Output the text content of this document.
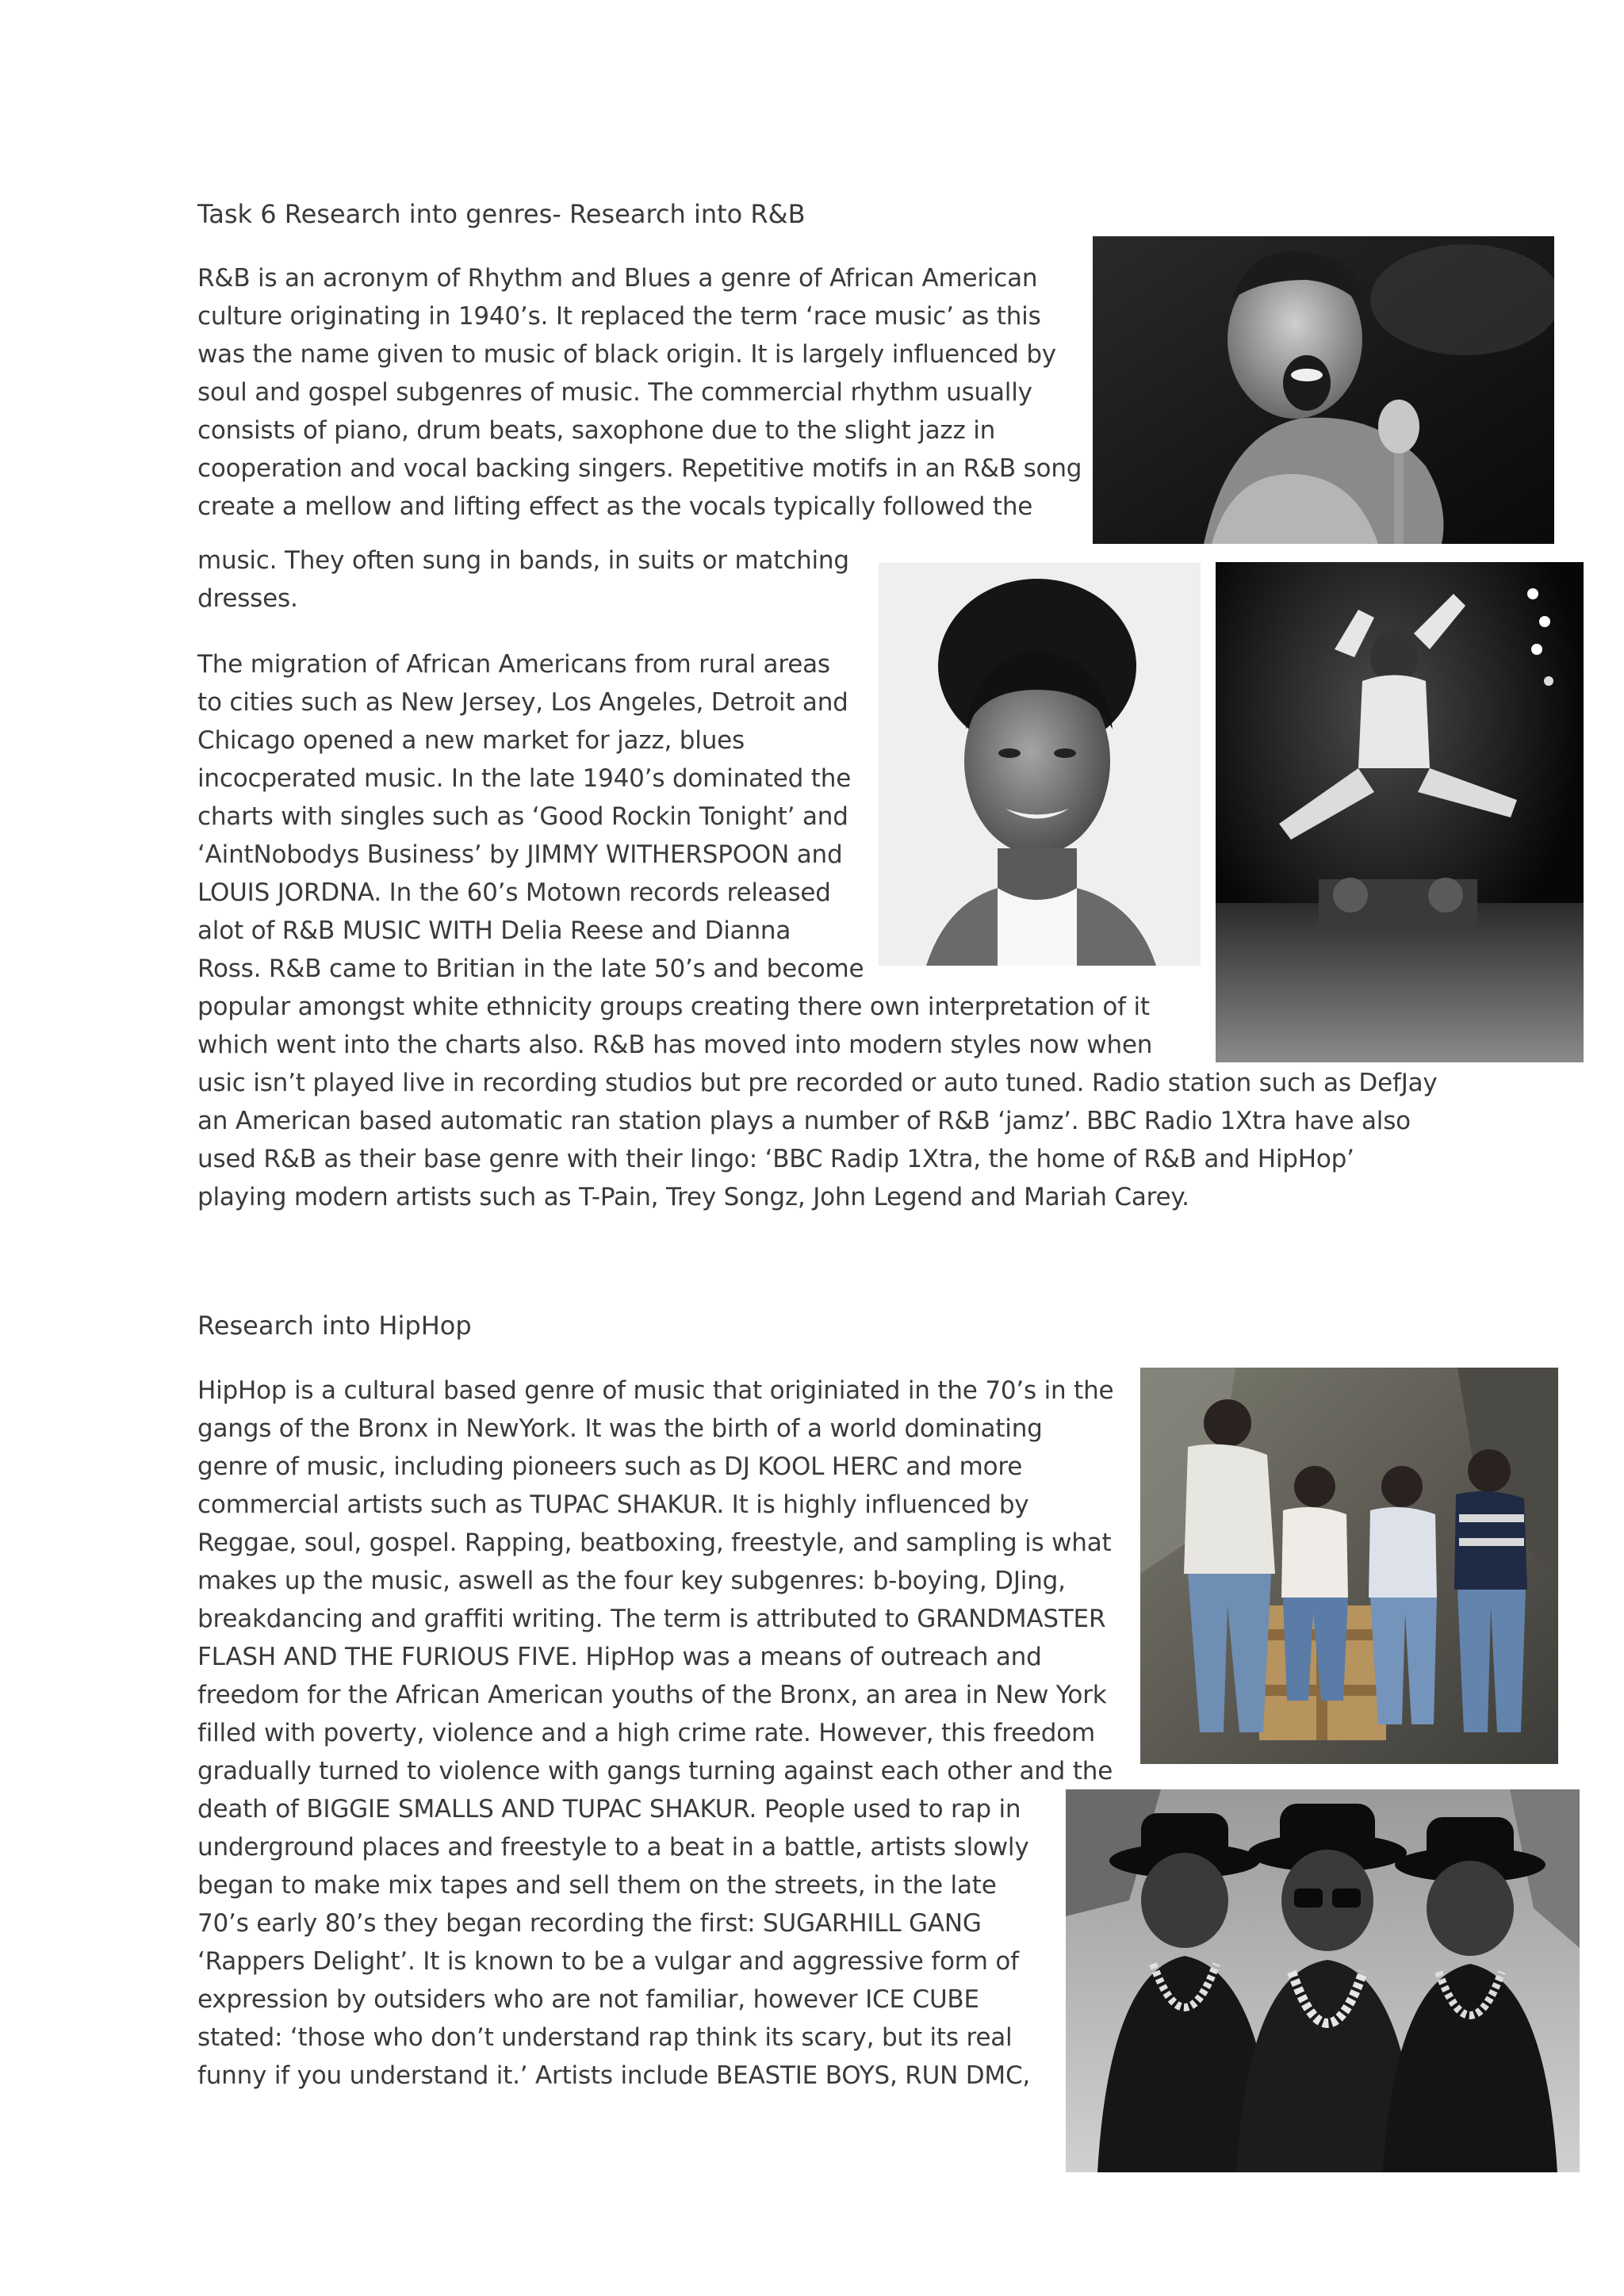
Task 6 Research into genres- Research into R&B
R&B is an acronym of Rhythm and Blues a genre of African American
culture originating in 1940’s. It replaced the term ‘race music’ as this
was the name given to music of black origin. It is largely influenced by
soul and gospel subgenres of music. The commercial rhythm usually
consists of piano, drum beats, saxophone due to the slight jazz in
cooperation and vocal backing singers. Repetitive motifs in an R&B song
create a mellow and lifting effect as the vocals typically followed the
music. They often sung in bands, in suits or matching
dresses.
The migration of African Americans from rural areas
to cities such as New Jersey, Los Angeles, Detroit and
Chicago opened a new market for jazz, blues
incocperated music. In the late 1940’s dominated the
charts with singles such as ‘Good Rockin Tonight’ and
‘AintNobodys Business’ by JIMMY WITHERSPOON and
LOUIS JORDNA. In the 60’s Motown records released
alot of R&B MUSIC WITH Delia Reese and Dianna
Ross. R&B came to Britian in the late 50’s and become
popular amongst white ethnicity groups creating there own interpretation of it
which went into the charts also. R&B has moved into modern styles now when
usic isn’t played live in recording studios but pre recorded or auto tuned. Radio station such as DefJay
an American based automatic ran station plays a number of R&B ‘jamz’. BBC Radio 1Xtra have also
used R&B as their base genre with their lingo: ‘BBC Radip 1Xtra, the home of R&B and HipHop’
playing modern artists such as T-Pain, Trey Songz, John Legend and Mariah Carey.
Research into HipHop
HipHop is a cultural based genre of music that originiated in the 70’s in the
gangs of the Bronx in NewYork. It was the birth of a world dominating
genre of music, including pioneers such as DJ KOOL HERC and more
commercial artists such as TUPAC SHAKUR. It is highly influenced by
Reggae, soul, gospel. Rapping, beatboxing, freestyle, and sampling is what
makes up the music, aswell as the four key subgenres: b-boying, DJing,
breakdancing and graffiti writing. The term is attributed to GRANDMASTER
FLASH AND THE FURIOUS FIVE. HipHop was a means of outreach and
freedom for the African American youths of the Bronx, an area in New York
filled with poverty, violence and a high crime rate. However, this freedom
gradually turned to violence with gangs turning against each other and the
death of BIGGIE SMALLS AND TUPAC SHAKUR. People used to rap in
underground places and freestyle to a beat in a battle, artists slowly
began to make mix tapes and sell them on the streets, in the late
70’s early 80’s they began recording the first: SUGARHILL GANG
‘Rappers Delight’. It is known to be a vulgar and aggressive form of
expression by outsiders who are not familiar, however ICE CUBE
stated: ‘those who don’t understand rap think its scary, but its real
funny if you understand it.’ Artists include BEASTIE BOYS, RUN DMC,
